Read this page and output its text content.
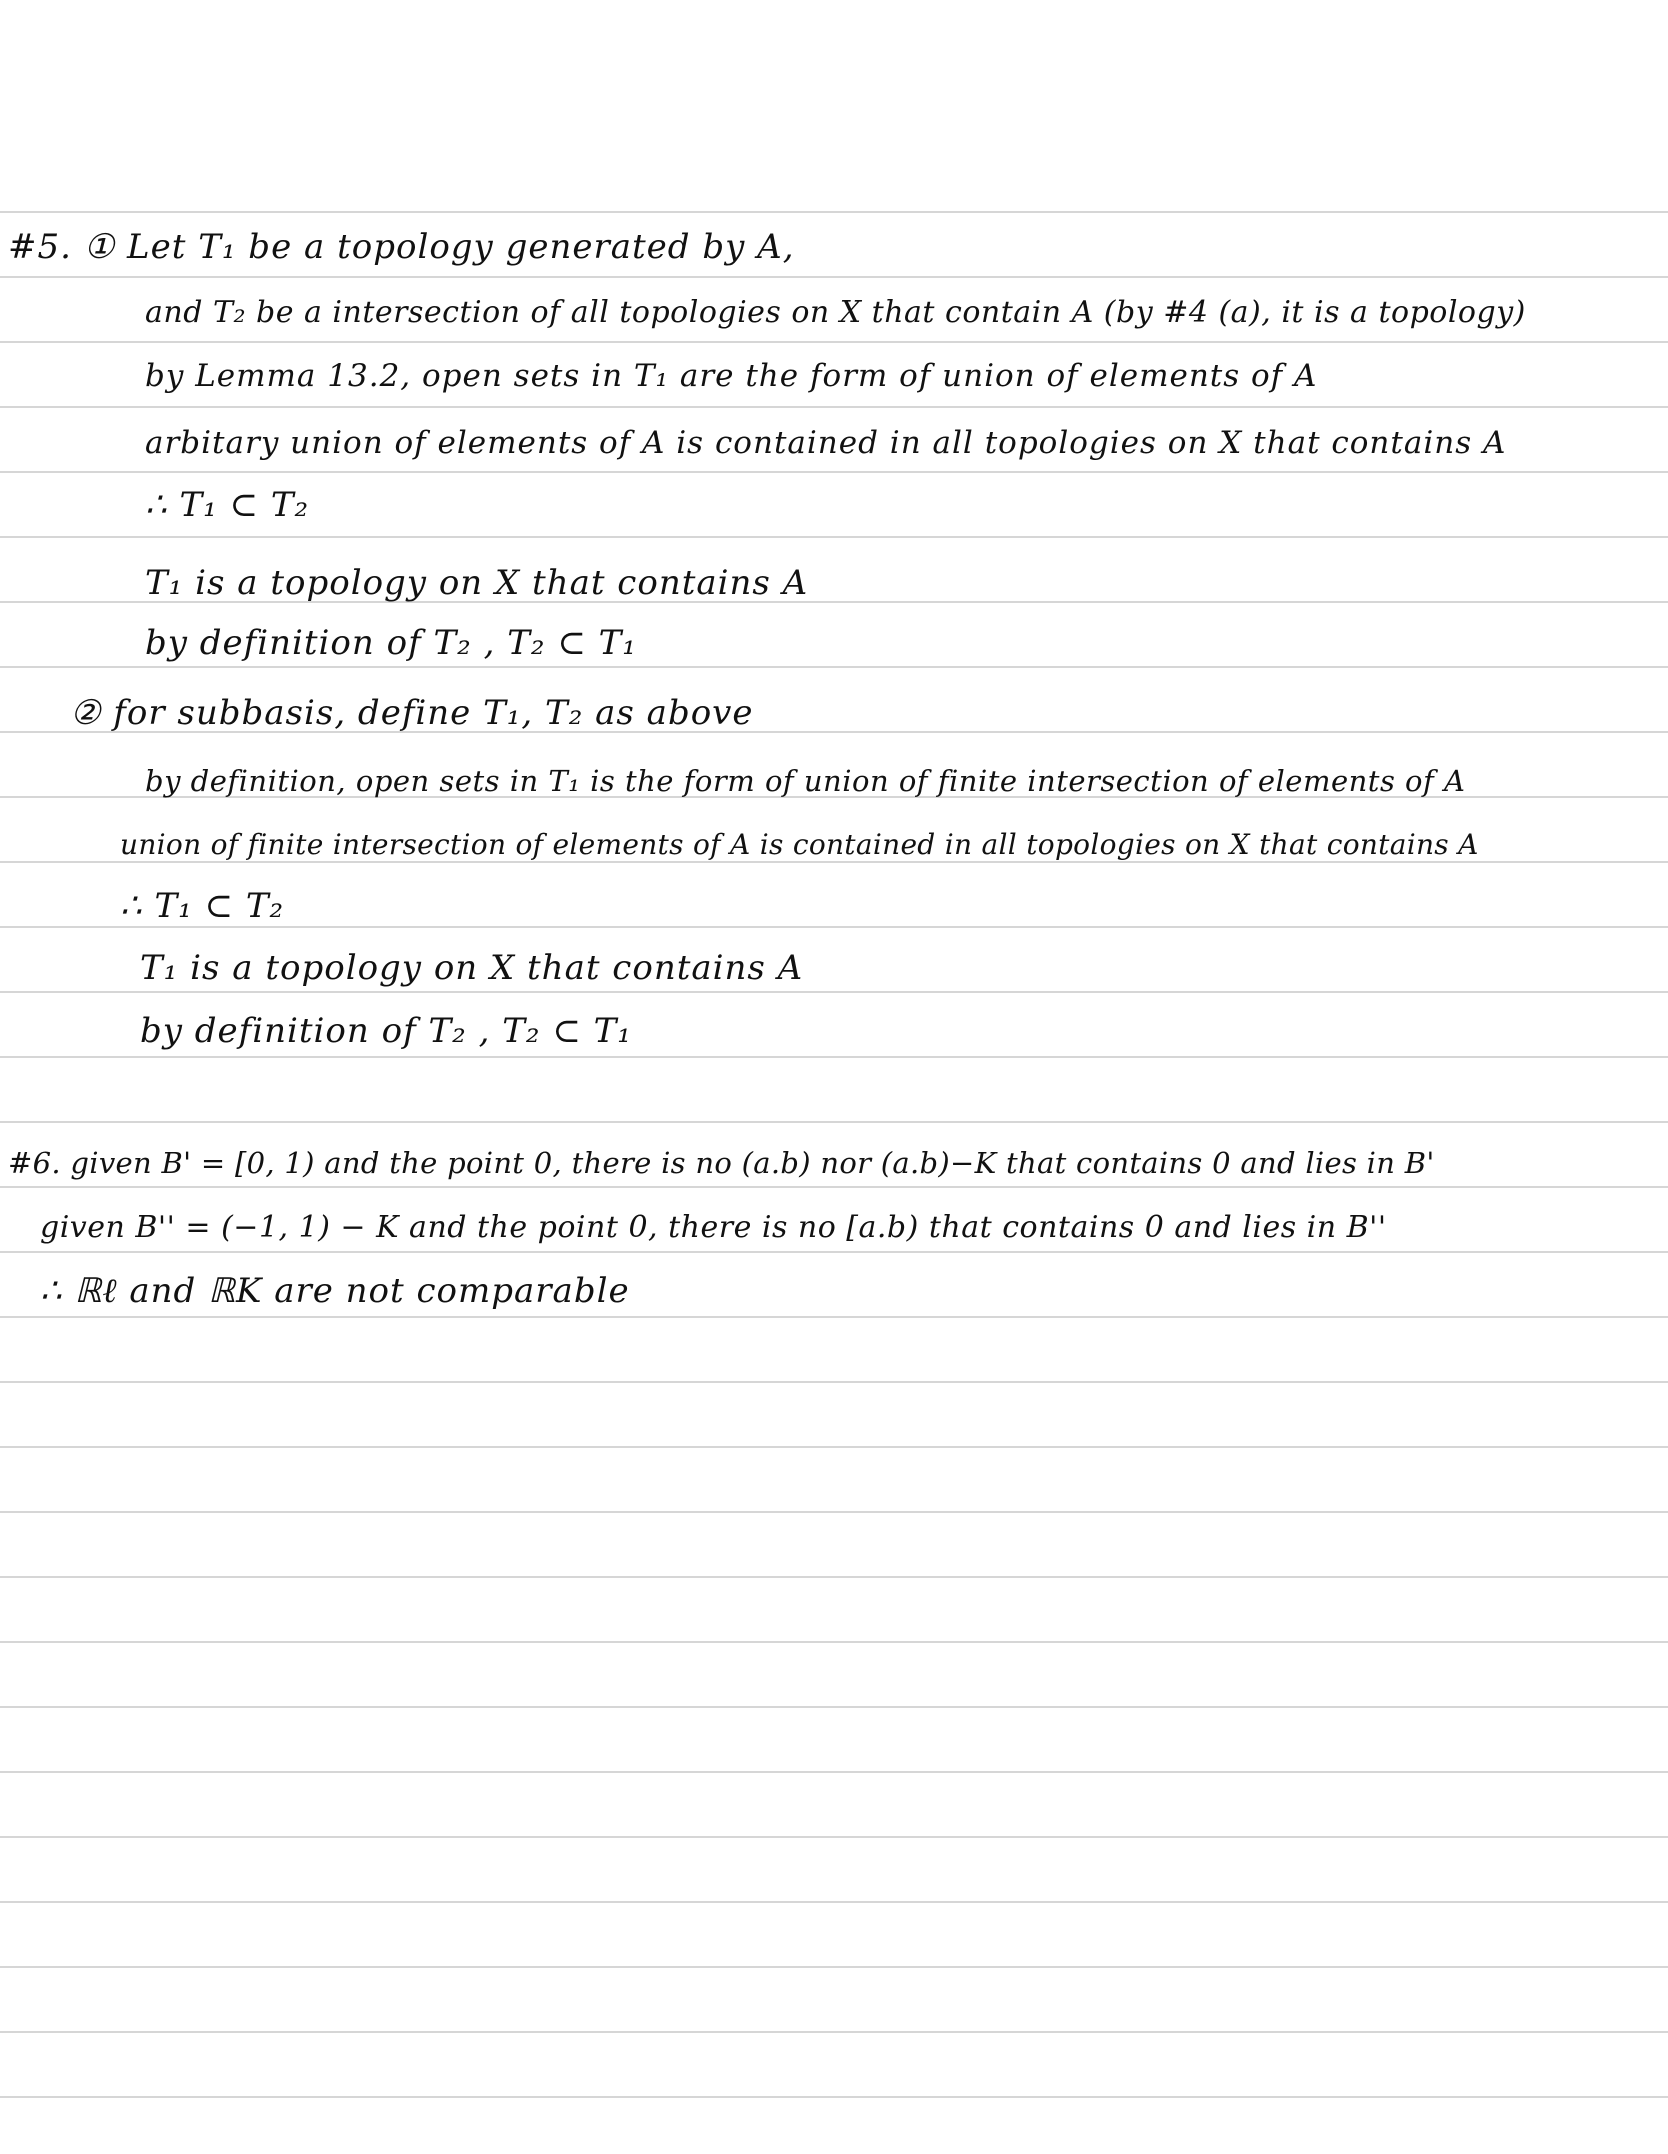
#5. ① Let T₁ be a topology generated by A,
and T₂ be a intersection of all topologies on X that contain A (by #4 (a), it is a topology)
by Lemma 13.2, open sets in T₁ are the form of union of elements of A
arbitary union of elements of A is contained in all topologies on X that contains A
∴ T₁ ⊂ T₂
T₁ is a topology on X that contains A
by definition of T₂ , T₂ ⊂ T₁
② for subbasis, define T₁, T₂ as above
by definition, open sets in T₁ is the form of union of finite intersection of elements of A
union of finite intersection of elements of A is contained in all topologies on X that contains A
∴ T₁ ⊂ T₂
T₁ is a topology on X that contains A
by definition of T₂ , T₂ ⊂ T₁
#6. given B' = [0, 1) and the point 0, there is no (a.b) nor (a.b)−K that contains 0 and lies in B'
given B'' = (−1, 1) − K and the point 0, there is no [a.b) that contains 0 and lies in B''
∴ ℝℓ and ℝK are not comparable
